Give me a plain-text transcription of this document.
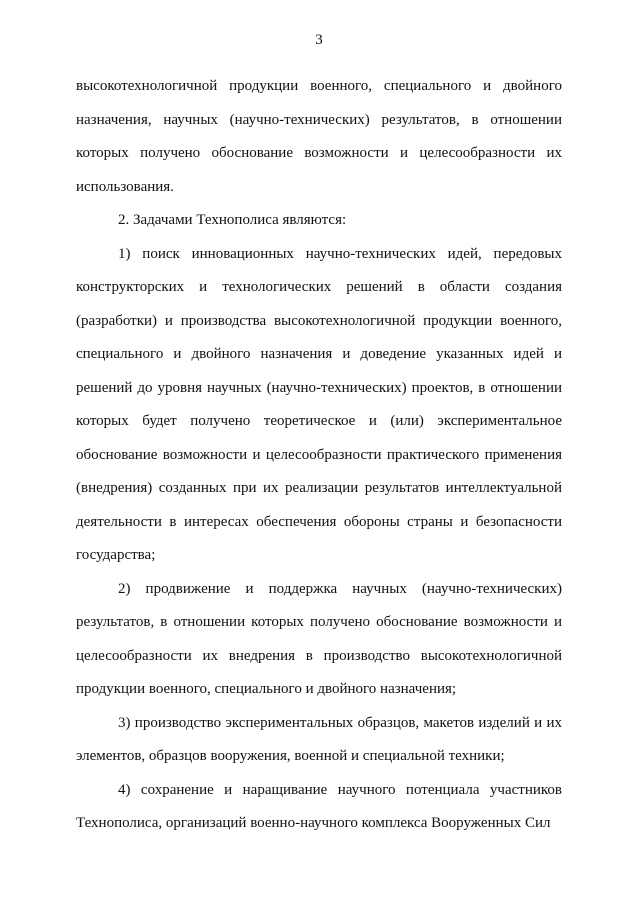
3

высокотехнологичной продукции военного, специального и двойного назначения, научных (научно-технических) результатов, в отношении которых получено обоснование возможности и целесообразности их использования.

2. Задачами Технополиса являются:

1) поиск инновационных научно-технических идей, передовых конструкторских и технологических решений в области создания (разработки) и производства высокотехнологичной продукции военного, специального и двойного назначения и доведение указанных идей и решений до уровня научных (научно-технических) проектов, в отношении которых будет получено теоретическое и (или) экспериментальное обоснование возможности и целесообразности практического применения (внедрения) созданных при их реализации результатов интеллектуальной деятельности в интересах обеспечения обороны страны и безопасности государства;

2) продвижение и поддержка научных (научно-технических) результатов, в отношении которых получено обоснование возможности и целесообразности их внедрения в производство высокотехнологичной продукции военного, специального и двойного назначения;

3) производство экспериментальных образцов, макетов изделий и их элементов, образцов вооружения, военной и специальной техники;

4) сохранение и наращивание научного потенциала участников Технополиса, организаций военно-научного комплекса Вооруженных Сил
